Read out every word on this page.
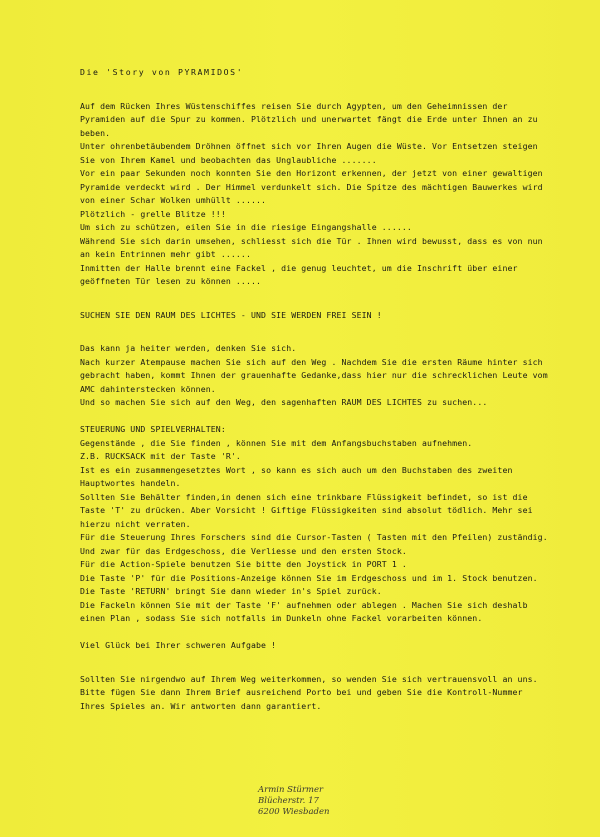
Die 'Story von PYRAMIDOS'

Auf dem Rücken Ihres Wüstenschiffes reisen Sie durch Agypten, um den Geheimnissen der Pyramiden auf die Spur zu kommen. Plötzlich und unerwartet fängt die Erde unter Ihnen an zu beben.

Unter ohrenbetäubendem Dröhnen öffnet sich vor Ihren Augen die Wüste. Vor Entsetzen steigen Sie von Ihrem Kamel und beobachten das Unglaubliche .......

Vor ein paar Sekunden noch konnten Sie den Horizont erkennen, der jetzt von einer gewaltigen Pyramide verdeckt wird . Der Himmel verdunkelt sich. Die Spitze des mächtigen Bauwerkes wird von einer Schar Wolken umhüllt ......

Plötzlich - grelle Blitze !!!

Um sich zu schützen, eilen Sie in die riesige Eingangshalle ......

Während Sie sich darin umsehen, schliesst sich die Tür . Ihnen wird bewusst, dass es von nun an kein Entrinnen mehr gibt ......

Inmitten der Halle brennt eine Fackel , die genug leuchtet, um die Inschrift über einer geöffneten Tür lesen zu können .....

SUCHEN SIE DEN RAUM DES LICHTES - UND SIE WERDEN FREI SEIN !

Das kann ja heiter werden, denken Sie sich.

Nach kurzer Atempause machen Sie sich auf den Weg . Nachdem Sie die ersten Räume hinter sich gebracht haben, kommt Ihnen der grauenhafte Gedanke,dass hier nur die schrecklichen Leute vom AMC dahinterstecken können.

Und so machen Sie sich auf den Weg, den sagenhaften RAUM DES LICHTES zu suchen...

STEUERUNG UND SPIELVERHALTEN:

Gegenstände , die Sie finden , können Sie mit dem Anfangsbuchstaben aufnehmen.

Z.B. RUCKSACK mit der Taste 'R'.

Ist es ein zusammengesetztes Wort , so kann es sich auch um den Buchstaben des zweiten Hauptwortes handeln.

Sollten Sie Behälter finden,in denen sich eine trinkbare Flüssigkeit befindet, so ist die Taste 'T' zu drücken. Aber Vorsicht ! Giftige Flüssigkeiten sind absolut tödlich. Mehr sei hierzu nicht verraten.

Für die Steuerung Ihres Forschers sind die Cursor-Tasten ( Tasten mit den Pfeilen) zuständig. Und zwar für das Erdgeschoss, die Verliesse und den ersten Stock.

Für die Action-Spiele benutzen Sie bitte den Joystick in PORT 1 .

Die Taste 'P' für die Positions-Anzeige können Sie im Erdgeschoss und im 1. Stock benutzen. Die Taste 'RETURN' bringt Sie dann wieder in's Spiel zurück.

Die Fackeln können Sie mit der Taste 'F' aufnehmen oder ablegen . Machen Sie sich deshalb einen Plan , sodass Sie sich notfalls im Dunkeln ohne Fackel vorarbeiten können.

Viel Glück bei Ihrer schweren Aufgabe !

Sollten Sie nirgendwo auf Ihrem Weg weiterkommen, so wenden Sie sich vertrauensvoll an uns. Bitte fügen Sie dann Ihrem Brief ausreichend Porto bei und geben Sie die Kontroll-Nummer Ihres Spieles an. Wir antworten dann garantiert.

Armin Stürmer
Blücherstr. 17
6200 Wiesbaden
